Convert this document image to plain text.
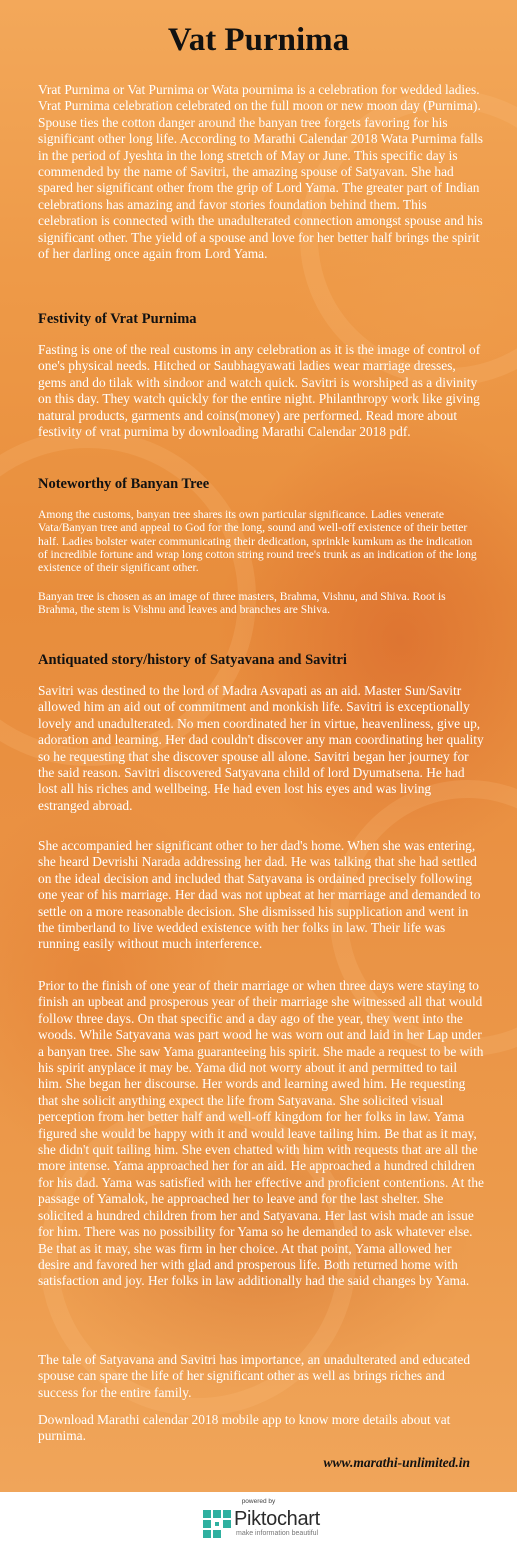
Vat Purnima

Vrat Purnima or Vat Purnima or Wata pournima is a celebration for wedded ladies. Vrat Purnima celebration celebrated on the full moon or new moon day (Purnima). Spouse ties the cotton danger around the banyan tree forgets favoring for his significant other long life. According to Marathi Calendar 2018 Wata Purnima falls in the period of Jyeshta in the long stretch of May or June. This specific day is commended by the name of Savitri, the amazing spouse of Satyavan. She had spared her significant other from the grip of Lord Yama. The greater part of Indian celebrations has amazing and favor stories foundation behind them. This celebration is connected with the unadulterated connection amongst spouse and his significant other. The yield of a spouse and love for her better half brings the spirit of her darling once again from Lord Yama.

Festivity of Vrat Purnima

Fasting is one of the real customs in any celebration as it is the image of control of one's physical needs. Hitched or Saubhagyawati ladies wear marriage dresses, gems and do tilak with sindoor and watch quick. Savitri is worshiped as a divinity on this day. They watch quickly for the entire night. Philanthropy work like giving natural products, garments and coins(money) are performed. Read more about festivity of vrat purnima by downloading Marathi Calendar 2018 pdf.

Noteworthy of Banyan Tree

Among the customs, banyan tree shares its own particular significance. Ladies venerate Vata/Banyan tree and appeal to God for the long, sound and well-off existence of their better half. Ladies bolster water communicating their dedication, sprinkle kumkum as the indication of incredible fortune and wrap long cotton string round tree's trunk as an indication of the long existence of their significant other.

Banyan tree is chosen as an image of three masters, Brahma, Vishnu, and Shiva. Root is Brahma, the stem is Vishnu and leaves and branches are Shiva.

Antiquated story/history of Satyavana and Savitri

Savitri was destined to the lord of Madra Asvapati as an aid. Master Sun/Savitr allowed him an aid out of commitment and monkish life. Savitri is exceptionally lovely and unadulterated. No men coordinated her in virtue, heavenliness, give up, adoration and learning. Her dad couldn't discover any man coordinating her quality so he requesting that she discover spouse all alone. Savitri began her journey for the said reason. Savitri discovered Satyavana child of lord Dyumatsena. He had lost all his riches and wellbeing. He had even lost his eyes and was living estranged abroad.

She accompanied her significant other to her dad's home. When she was entering, she heard Devrishi Narada addressing her dad. He was talking that she had settled on the ideal decision and included that Satyavana is ordained precisely following one year of his marriage. Her dad was not upbeat at her marriage and demanded to settle on a more reasonable decision. She dismissed his supplication and went in the timberland to live wedded existence with her folks in law. Their life was running easily without much interference.

Prior to the finish of one year of their marriage or when three days were staying to finish an upbeat and prosperous year of their marriage she witnessed all that would follow three days. On that specific and a day ago of the year, they went into the woods. While Satyavana was part wood he was worn out and laid in her Lap under a banyan tree. She saw Yama guaranteeing his spirit. She made a request to be with his spirit anyplace it may be. Yama did not worry about it and permitted to tail him. She began her discourse. Her words and learning awed him. He requesting that she solicit anything expect the life from Satyavana. She solicited visual perception from her better half and well-off kingdom for her folks in law. Yama figured she would be happy with it and would leave tailing him. Be that as it may, she didn't quit tailing him. She even chatted with him with requests that are all the more intense. Yama approached her for an aid. He approached a hundred children for his dad. Yama was satisfied with her effective and proficient contentions. At the passage of Yamalok, he approached her to leave and for the last shelter. She solicited a hundred children from her and Satyavana. Her last wish made an issue for him. There was no possibility for Yama so he demanded to ask whatever else. Be that as it may, she was firm in her choice. At that point, Yama allowed her desire and favored her with glad and prosperous life. Both returned home with satisfaction and joy. Her folks in law additionally had the said changes by Yama.

The tale of Satyavana and Savitri has importance, an unadulterated and educated spouse can spare the life of her significant other as well as brings riches and success for the entire family.

Download Marathi calendar 2018 mobile app to know more details about vat purnima.

www.marathi-unlimited.in

powered by
Piktochart
make information beautiful
